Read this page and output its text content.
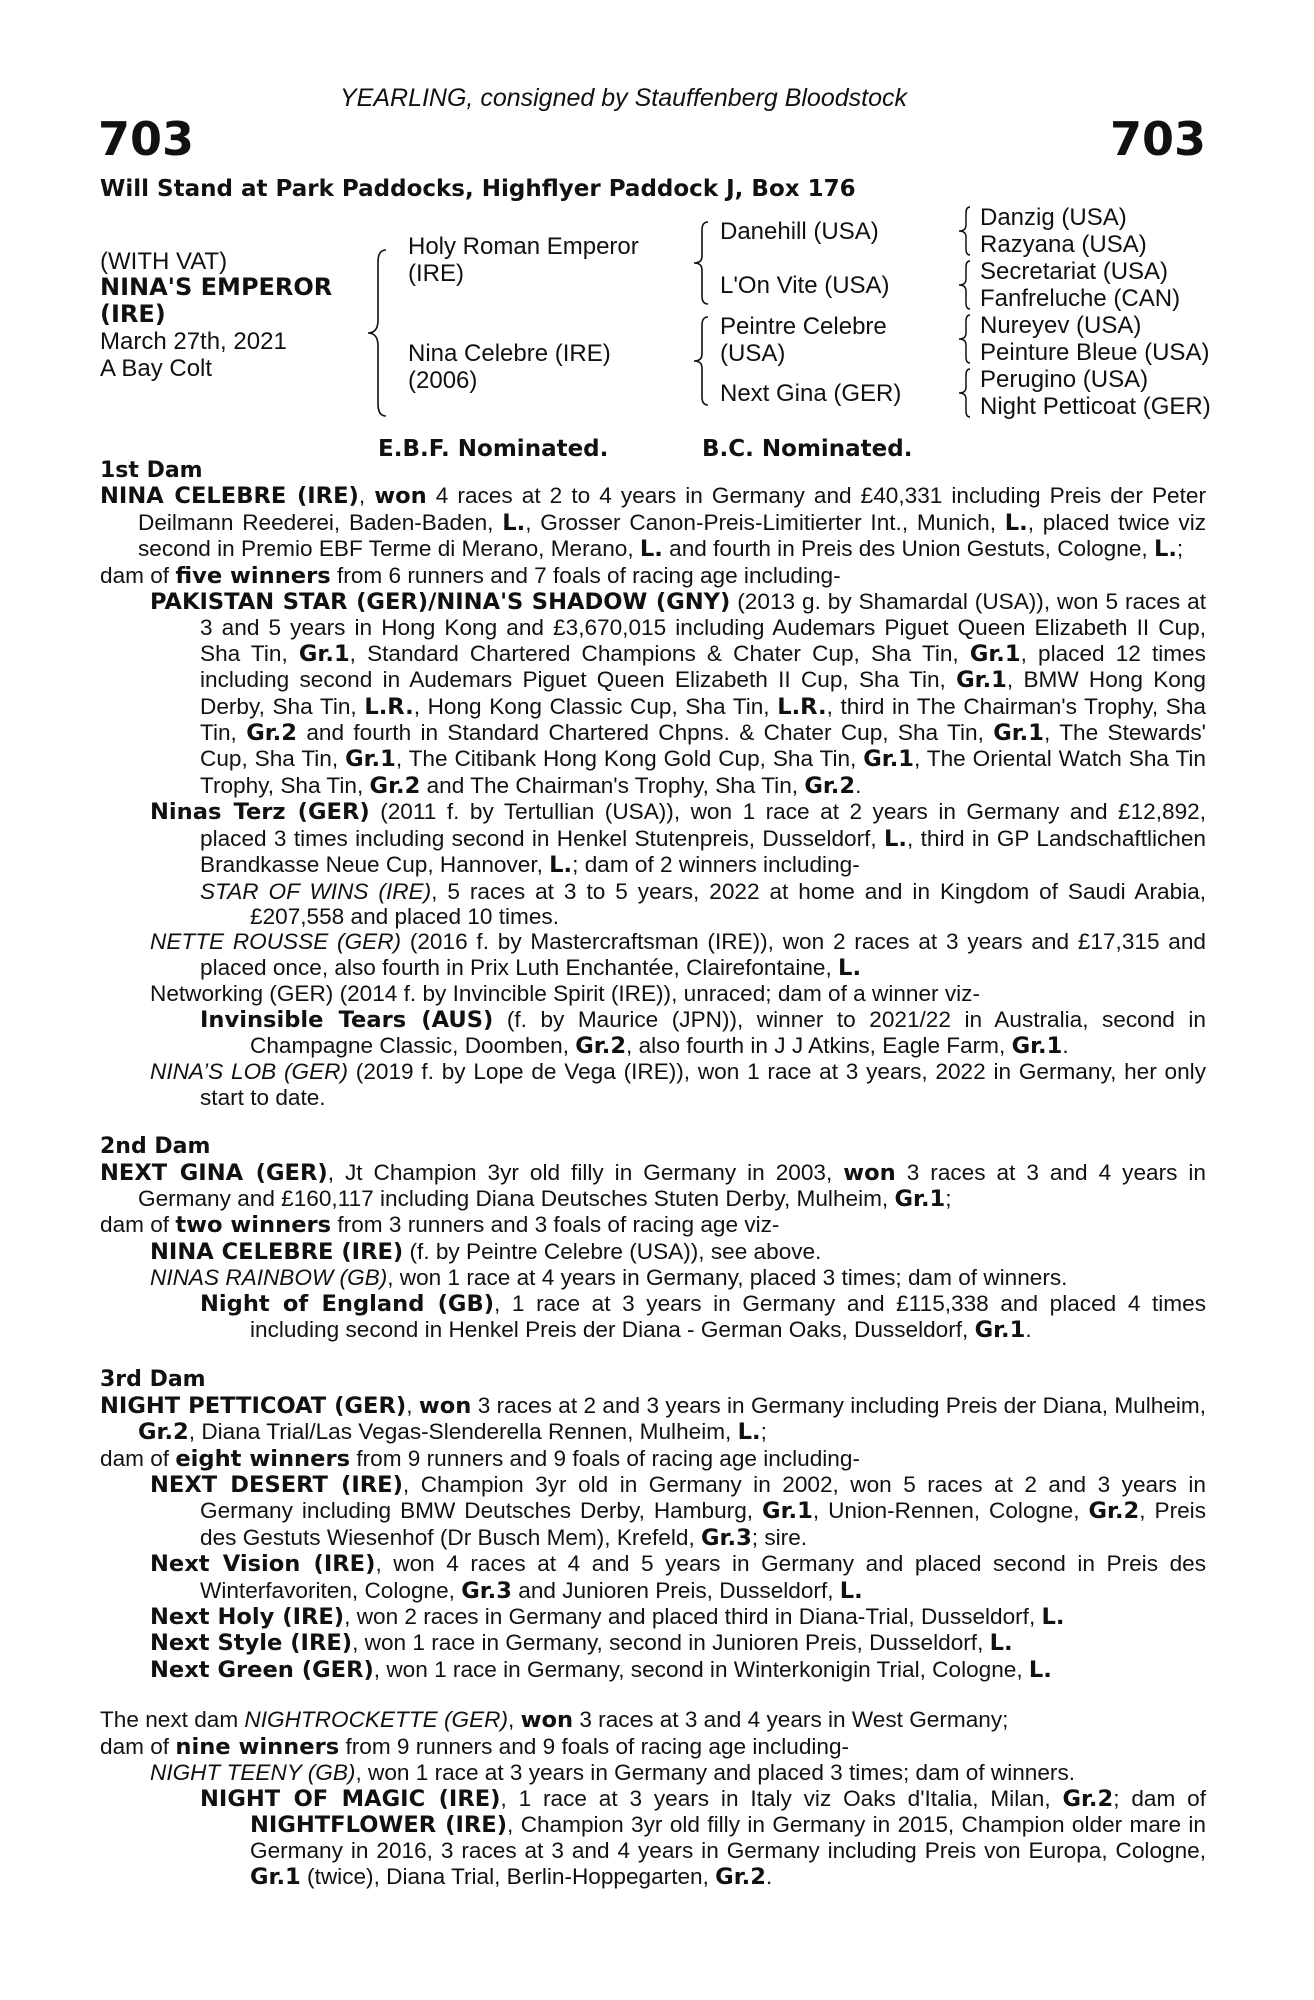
YEARLING, consigned by Stauffenberg Bloodstock
703	703
Will Stand at Park Paddocks, Highflyer Paddock J, Box 176
(WITH VAT)
NINA'S EMPEROR
(IRE)
March 27th, 2021
A Bay Colt
Holy Roman Emperor
(IRE)
Nina Celebre (IRE)
(2006)
Danehill (USA)
L'On Vite (USA)
Peintre Celebre
(USA)
Next Gina (GER)
Danzig (USA)
Razyana (USA)
Secretariat (USA)
Fanfreluche (CAN)
Nureyev (USA)
Peinture Bleue (USA)
Perugino (USA)
Night Petticoat (GER)
E.B.F. Nominated.	B.C. Nominated.
1st Dam

NINA CELEBRE (IRE), won 4 races at 2 to 4 years in Germany and £40,331 including Preis der Peter Deilmann Reederei, Baden-Baden, L., Grosser Canon-Preis-Limitierter Int., Munich, L., placed twice viz second in Premio EBF Terme di Merano, Merano, L. and fourth in Preis des Union Gestuts, Cologne, L.;

dam of five winners from 6 runners and 7 foals of racing age including-

PAKISTAN STAR (GER)/NINA'S SHADOW (GNY) (2013 g. by Shamardal (USA)), won 5 races at 3 and 5 years in Hong Kong and £3,670,015 including Audemars Piguet Queen Elizabeth II Cup, Sha Tin, Gr.1, Standard Chartered Champions & Chater Cup, Sha Tin, Gr.1, placed 12 times including second in Audemars Piguet Queen Elizabeth II Cup, Sha Tin, Gr.1, BMW Hong Kong Derby, Sha Tin, L.R., Hong Kong Classic Cup, Sha Tin, L.R., third in The Chairman's Trophy, Sha Tin, Gr.2 and fourth in Standard Chartered Chpns. & Chater Cup, Sha Tin, Gr.1, The Stewards' Cup, Sha Tin, Gr.1, The Citibank Hong Kong Gold Cup, Sha Tin, Gr.1, The Oriental Watch Sha Tin Trophy, Sha Tin, Gr.2 and The Chairman's Trophy, Sha Tin, Gr.2.

Ninas Terz (GER) (2011 f. by Tertullian (USA)), won 1 race at 2 years in Germany and £12,892, placed 3 times including second in Henkel Stutenpreis, Dusseldorf, L., third in GP Landschaftlichen Brandkasse Neue Cup, Hannover, L.; dam of 2 winners including-

STAR OF WINS (IRE), 5 races at 3 to 5 years, 2022 at home and in Kingdom of Saudi Arabia, £207,558 and placed 10 times.

NETTE ROUSSE (GER) (2016 f. by Mastercraftsman (IRE)), won 2 races at 3 years and £17,315 and placed once, also fourth in Prix Luth Enchantée, Clairefontaine, L.

Networking (GER) (2014 f. by Invincible Spirit (IRE)), unraced; dam of a winner viz-

Invinsible Tears (AUS) (f. by Maurice (JPN)), winner to 2021/22 in Australia, second in Champagne Classic, Doomben, Gr.2, also fourth in J J Atkins, Eagle Farm, Gr.1.

NINA’S LOB (GER) (2019 f. by Lope de Vega (IRE)), won 1 race at 3 years, 2022 in Germany, her only start to date.

2nd Dam

NEXT GINA (GER), Jt Champion 3yr old filly in Germany in 2003, won 3 races at 3 and 4 years in Germany and £160,117 including Diana Deutsches Stuten Derby, Mulheim, Gr.1;

dam of two winners from 3 runners and 3 foals of racing age viz-

NINA CELEBRE (IRE) (f. by Peintre Celebre (USA)), see above.

NINAS RAINBOW (GB), won 1 race at 4 years in Germany, placed 3 times; dam of winners.

Night of England (GB), 1 race at 3 years in Germany and £115,338 and placed 4 times including second in Henkel Preis der Diana - German Oaks, Dusseldorf, Gr.1.

3rd Dam

NIGHT PETTICOAT (GER), won 3 races at 2 and 3 years in Germany including Preis der Diana, Mulheim, Gr.2, Diana Trial/Las Vegas-Slenderella Rennen, Mulheim, L.;

dam of eight winners from 9 runners and 9 foals of racing age including-

NEXT DESERT (IRE), Champion 3yr old in Germany in 2002, won 5 races at 2 and 3 years in Germany including BMW Deutsches Derby, Hamburg, Gr.1, Union-Rennen, Cologne, Gr.2, Preis des Gestuts Wiesenhof (Dr Busch Mem), Krefeld, Gr.3; sire.

Next Vision (IRE), won 4 races at 4 and 5 years in Germany and placed second in Preis des Winterfavoriten, Cologne, Gr.3 and Junioren Preis, Dusseldorf, L.

Next Holy (IRE), won 2 races in Germany and placed third in Diana-Trial, Dusseldorf, L.

Next Style (IRE), won 1 race in Germany, second in Junioren Preis, Dusseldorf, L.

Next Green (GER), won 1 race in Germany, second in Winterkonigin Trial, Cologne, L.

The next dam NIGHTROCKETTE (GER), won 3 races at 3 and 4 years in West Germany;

dam of nine winners from 9 runners and 9 foals of racing age including-

NIGHT TEENY (GB), won 1 race at 3 years in Germany and placed 3 times; dam of winners.

NIGHT OF MAGIC (IRE), 1 race at 3 years in Italy viz Oaks d'Italia, Milan, Gr.2; dam of NIGHTFLOWER (IRE), Champion 3yr old filly in Germany in 2015, Champion older mare in Germany in 2016, 3 races at 3 and 4 years in Germany including Preis von Europa, Cologne, Gr.1 (twice), Diana Trial, Berlin-Hoppegarten, Gr.2.
